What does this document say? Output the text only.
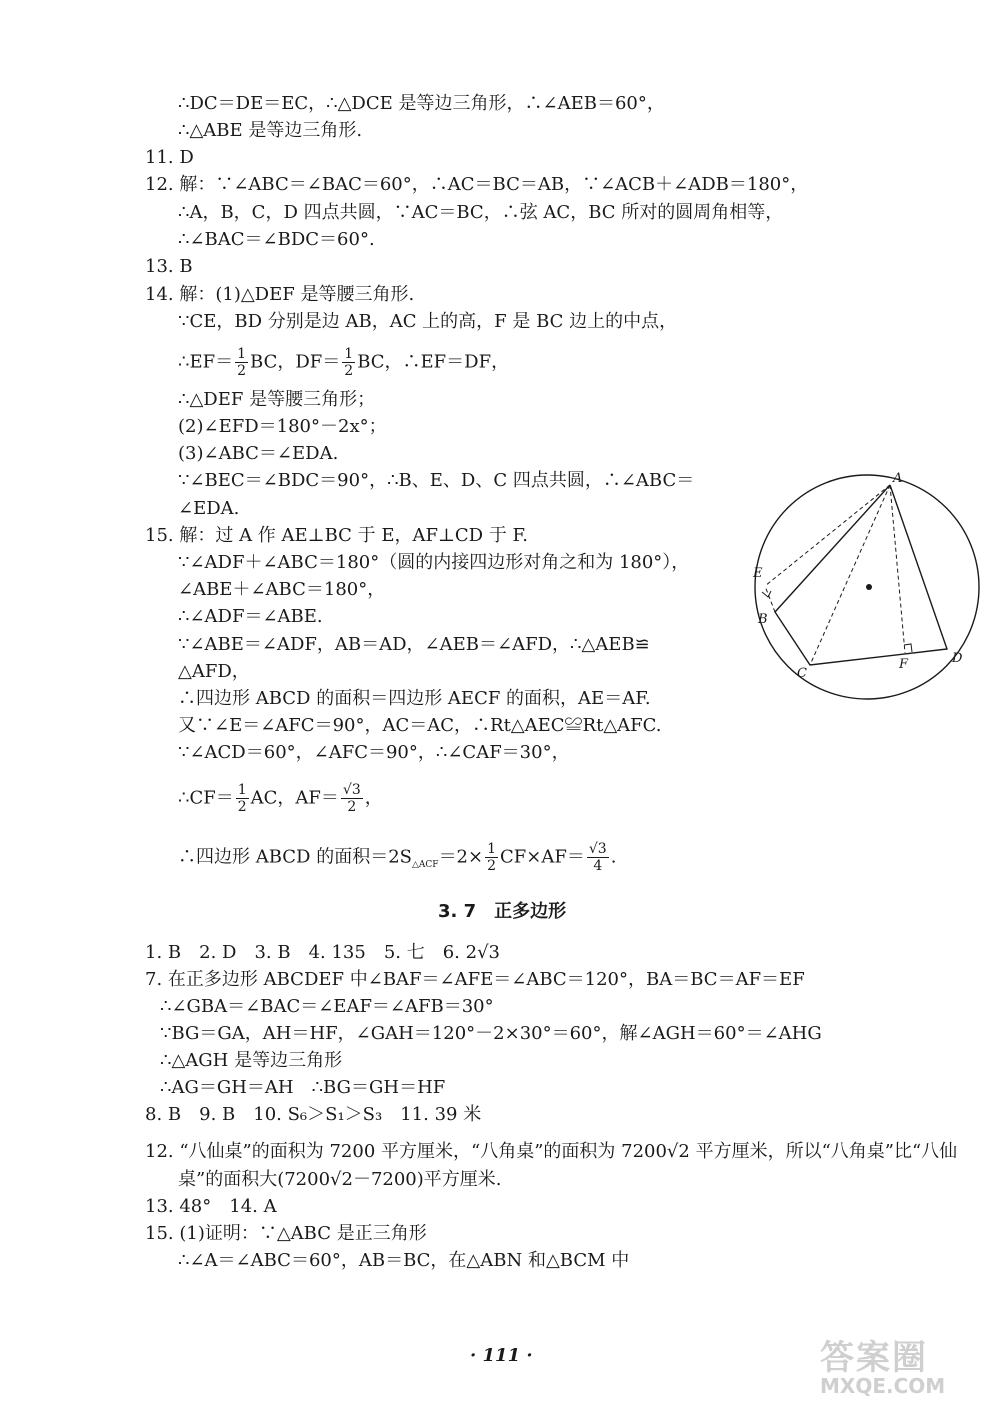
∴DC＝DE＝EC，∴△DCE 是等边三角形，∴∠AEB＝60°，
∴△ABE 是等边三角形.
11. D
12. 解：∵∠ABC＝∠BAC＝60°，∴AC＝BC＝AB，∵∠ACB＋∠ADB＝180°，
∴A，B，C，D 四点共圆，∵AC＝BC，∴弦 AC，BC 所对的圆周角相等，
∴∠BAC＝∠BDC＝60°.
13. B
14. 解：(1)△DEF 是等腰三角形.
∵CE，BD 分别是边 AB，AC 上的高，F 是 BC 边上的中点，
∴EF＝ $\frac{1}{2}$ BC，$DF= \frac{1}{2}$ BC，∴EF＝DF，
∴△DEF 是等腰三角形；
(2)∠EFD＝180°－2x°；
(3)∠ABC＝∠EDA.
∵∠BEC＝∠BDC＝90°，∴B、E、D、C 四点共圆，∴∠ABC＝
∠EDA.
15. 解：过 A 作 AE⊥BC 于 E，AF⊥CD 于 F.
∵∠ADF＋∠ABC＝180°（圆的内接四边形对角之和为 180°），
∠ABE＋∠ABC＝180°，
∴∠ADF＝∠ABE.
∵∠ABE＝∠ADF，AB＝AD，∠AEB＝∠AFD，∴△AEB≌
△AFD，
∴四边形 ABCD 的面积＝四边形 AECF 的面积，AE＝AF.
又∵∠E＝∠AFC＝90°，AC＝AC，∴Rt△AEC≌Rt△AFC.
∵∠ACD＝60°，∠AFC＝90°，∴∠CAF＝30°，
∴CF＝ $\frac{1}{2}$ AC，$AF= \frac{√3}{2}$ ，
∴四边形 ABCD 的面积$=2S_{\triangle ACF}=2\times \frac{1}{2} CF\times AF= \frac{√3}{4}$ .
3. 7　正多边形
1. B　2. D　3. B　4. 135　5. 七　6. 2√3
7. 在正多边形 ABCDEF 中∠BAF＝∠AFE＝∠ABC＝120°，BA＝BC＝AF＝EF
∴∠GBA＝∠BAC＝∠EAF＝∠AFB＝30°
∵BG＝GA，AH＝HF，∠GAH＝120°－2×30°＝60°，解∠AGH＝60°＝∠AHG
∴△AGH 是等边三角形
∴AG＝GH＝AH　∴BG＝GH＝HF
8. B　9. B　10. S₆＞S₁＞S₃　11. 39 米
12. “八仙桌”的面积为 7200 平方厘米，“八角桌”的面积为 7200√2 平方厘米，所以“八角桌”比“八仙
桌”的面积大(7200√2－7200)平方厘米.
13. 48°　14. A
15. (1)证明：∵△ABC 是正三角形
∴∠A＝∠ABC＝60°，AB＝BC，在△ABN 和△BCM 中
A
B
C
D
E
F
· 111 ·	答案圈
MXQE.COM
